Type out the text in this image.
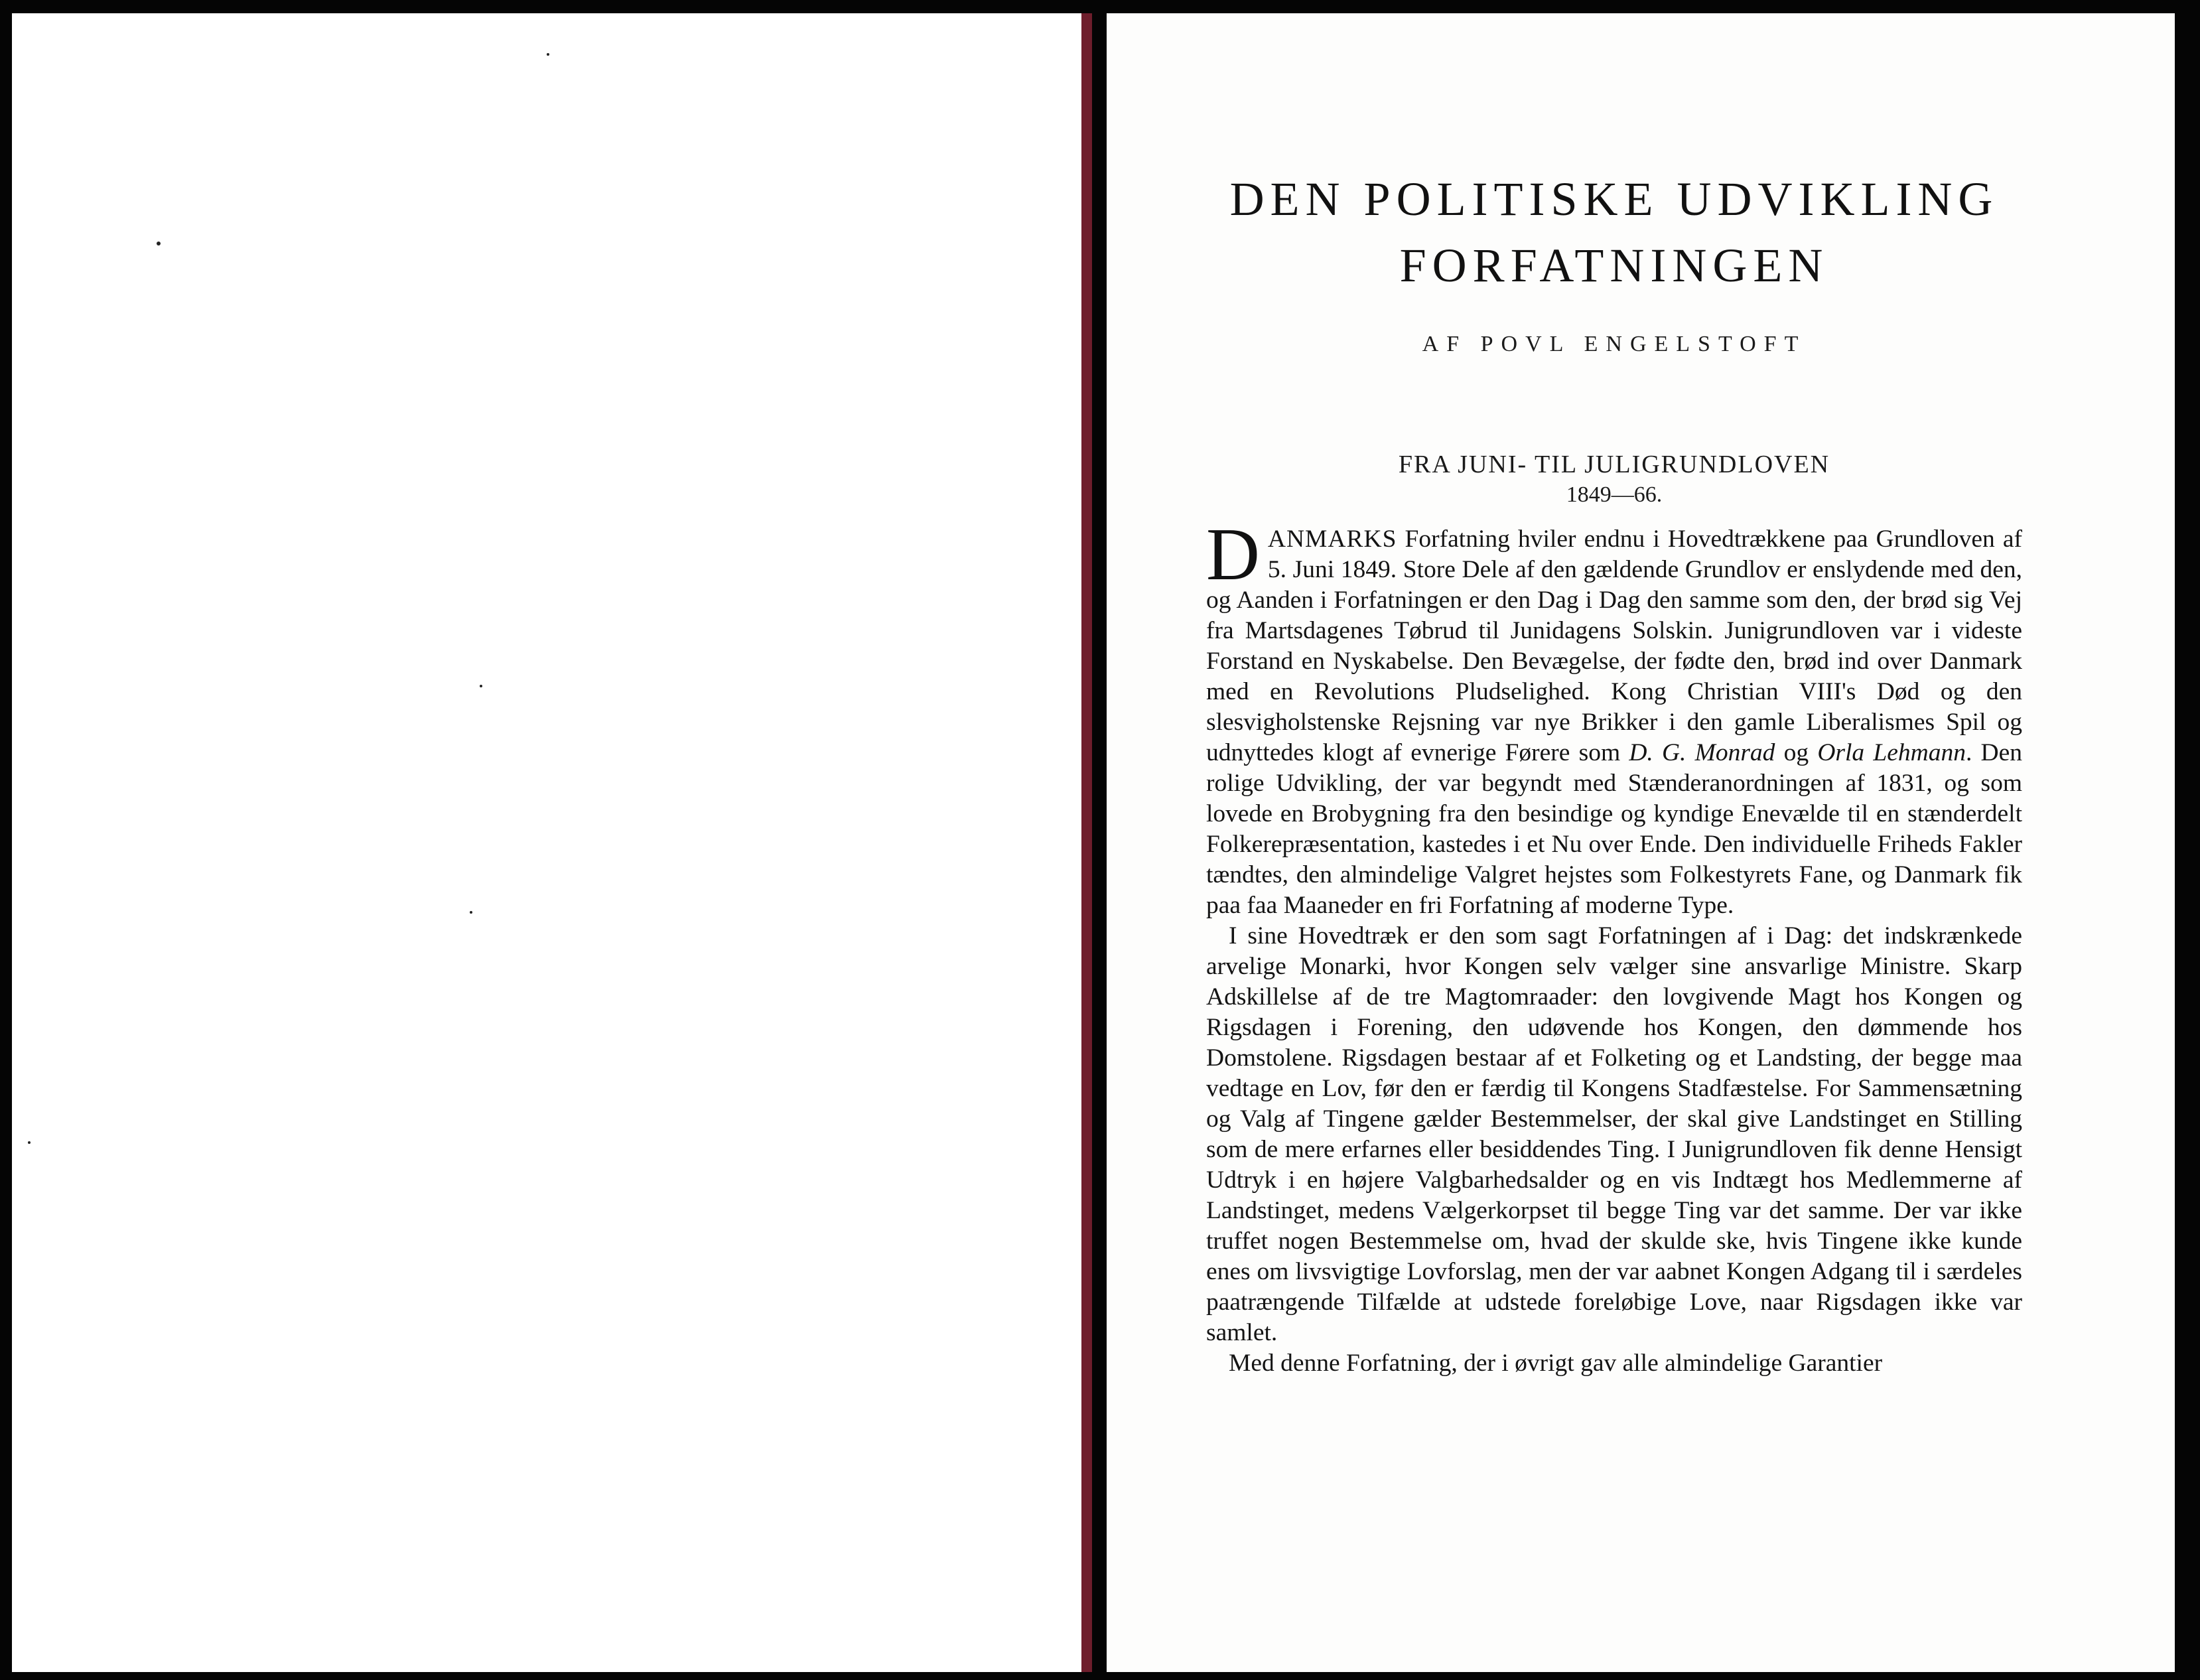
DEN POLITISKE UDVIKLING
FORFATNINGEN
AF POVL ENGELSTOFT
FRA JUNI- TIL JULIGRUNDLOVEN
1849—66.

DANMARKS Forfatning hviler endnu i Hovedtrækkene paa Grundloven af 5. Juni 1849. Store Dele af den gældende Grundlov er enslydende med den, og Aanden i Forfatningen er den Dag i Dag den samme som den, der brød sig Vej fra Martsdagenes Tøbrud til Junidagens Solskin. Junigrundloven var i videste Forstand en Nyskabelse. Den Bevægelse, der fødte den, brød ind over Danmark med en Revolutions Pludselighed. Kong Christian VIII's Død og den slesvigholstenske Rejsning var nye Brikker i den gamle Liberalismes Spil og udnyttedes klogt af evnerige Førere som D. G. Monrad og Orla Lehmann. Den rolige Udvikling, der var begyndt med Stænderanordningen af 1831, og som lovede en Brobygning fra den besindige og kyndige Enevælde til en stænderdelt Folkerepræsentation, kastedes i et Nu over Ende. Den individuelle Friheds Fakler tændtes, den almindelige Valgret hejstes som Folkestyrets Fane, og Danmark fik paa faa Maaneder en fri Forfatning af moderne Type.

I sine Hovedtræk er den som sagt Forfatningen af i Dag: det indskrænkede arvelige Monarki, hvor Kongen selv vælger sine ansvarlige Ministre. Skarp Adskillelse af de tre Magtomraader: den lovgivende Magt hos Kongen og Rigsdagen i Forening, den udøvende hos Kongen, den dømmende hos Domstolene. Rigsdagen bestaar af et Folketing og et Landsting, der begge maa vedtage en Lov, før den er færdig til Kongens Stadfæstelse. For Sammensætning og Valg af Tingene gælder Bestemmelser, der skal give Landstinget en Stilling som de mere erfarnes eller besiddendes Ting. I Junigrundloven fik denne Hensigt Udtryk i en højere Valgbarhedsalder og en vis Indtægt hos Medlemmerne af Landstinget, medens Vælgerkorpset til begge Ting var det samme. Der var ikke truffet nogen Bestemmelse om, hvad der skulde ske, hvis Tingene ikke kunde enes om livsvigtige Lovforslag, men der var aabnet Kongen Adgang til i særdeles paatrængende Tilfælde at udstede foreløbige Love, naar Rigsdagen ikke var samlet.

Med denne Forfatning, der i øvrigt gav alle almindelige Garantier
